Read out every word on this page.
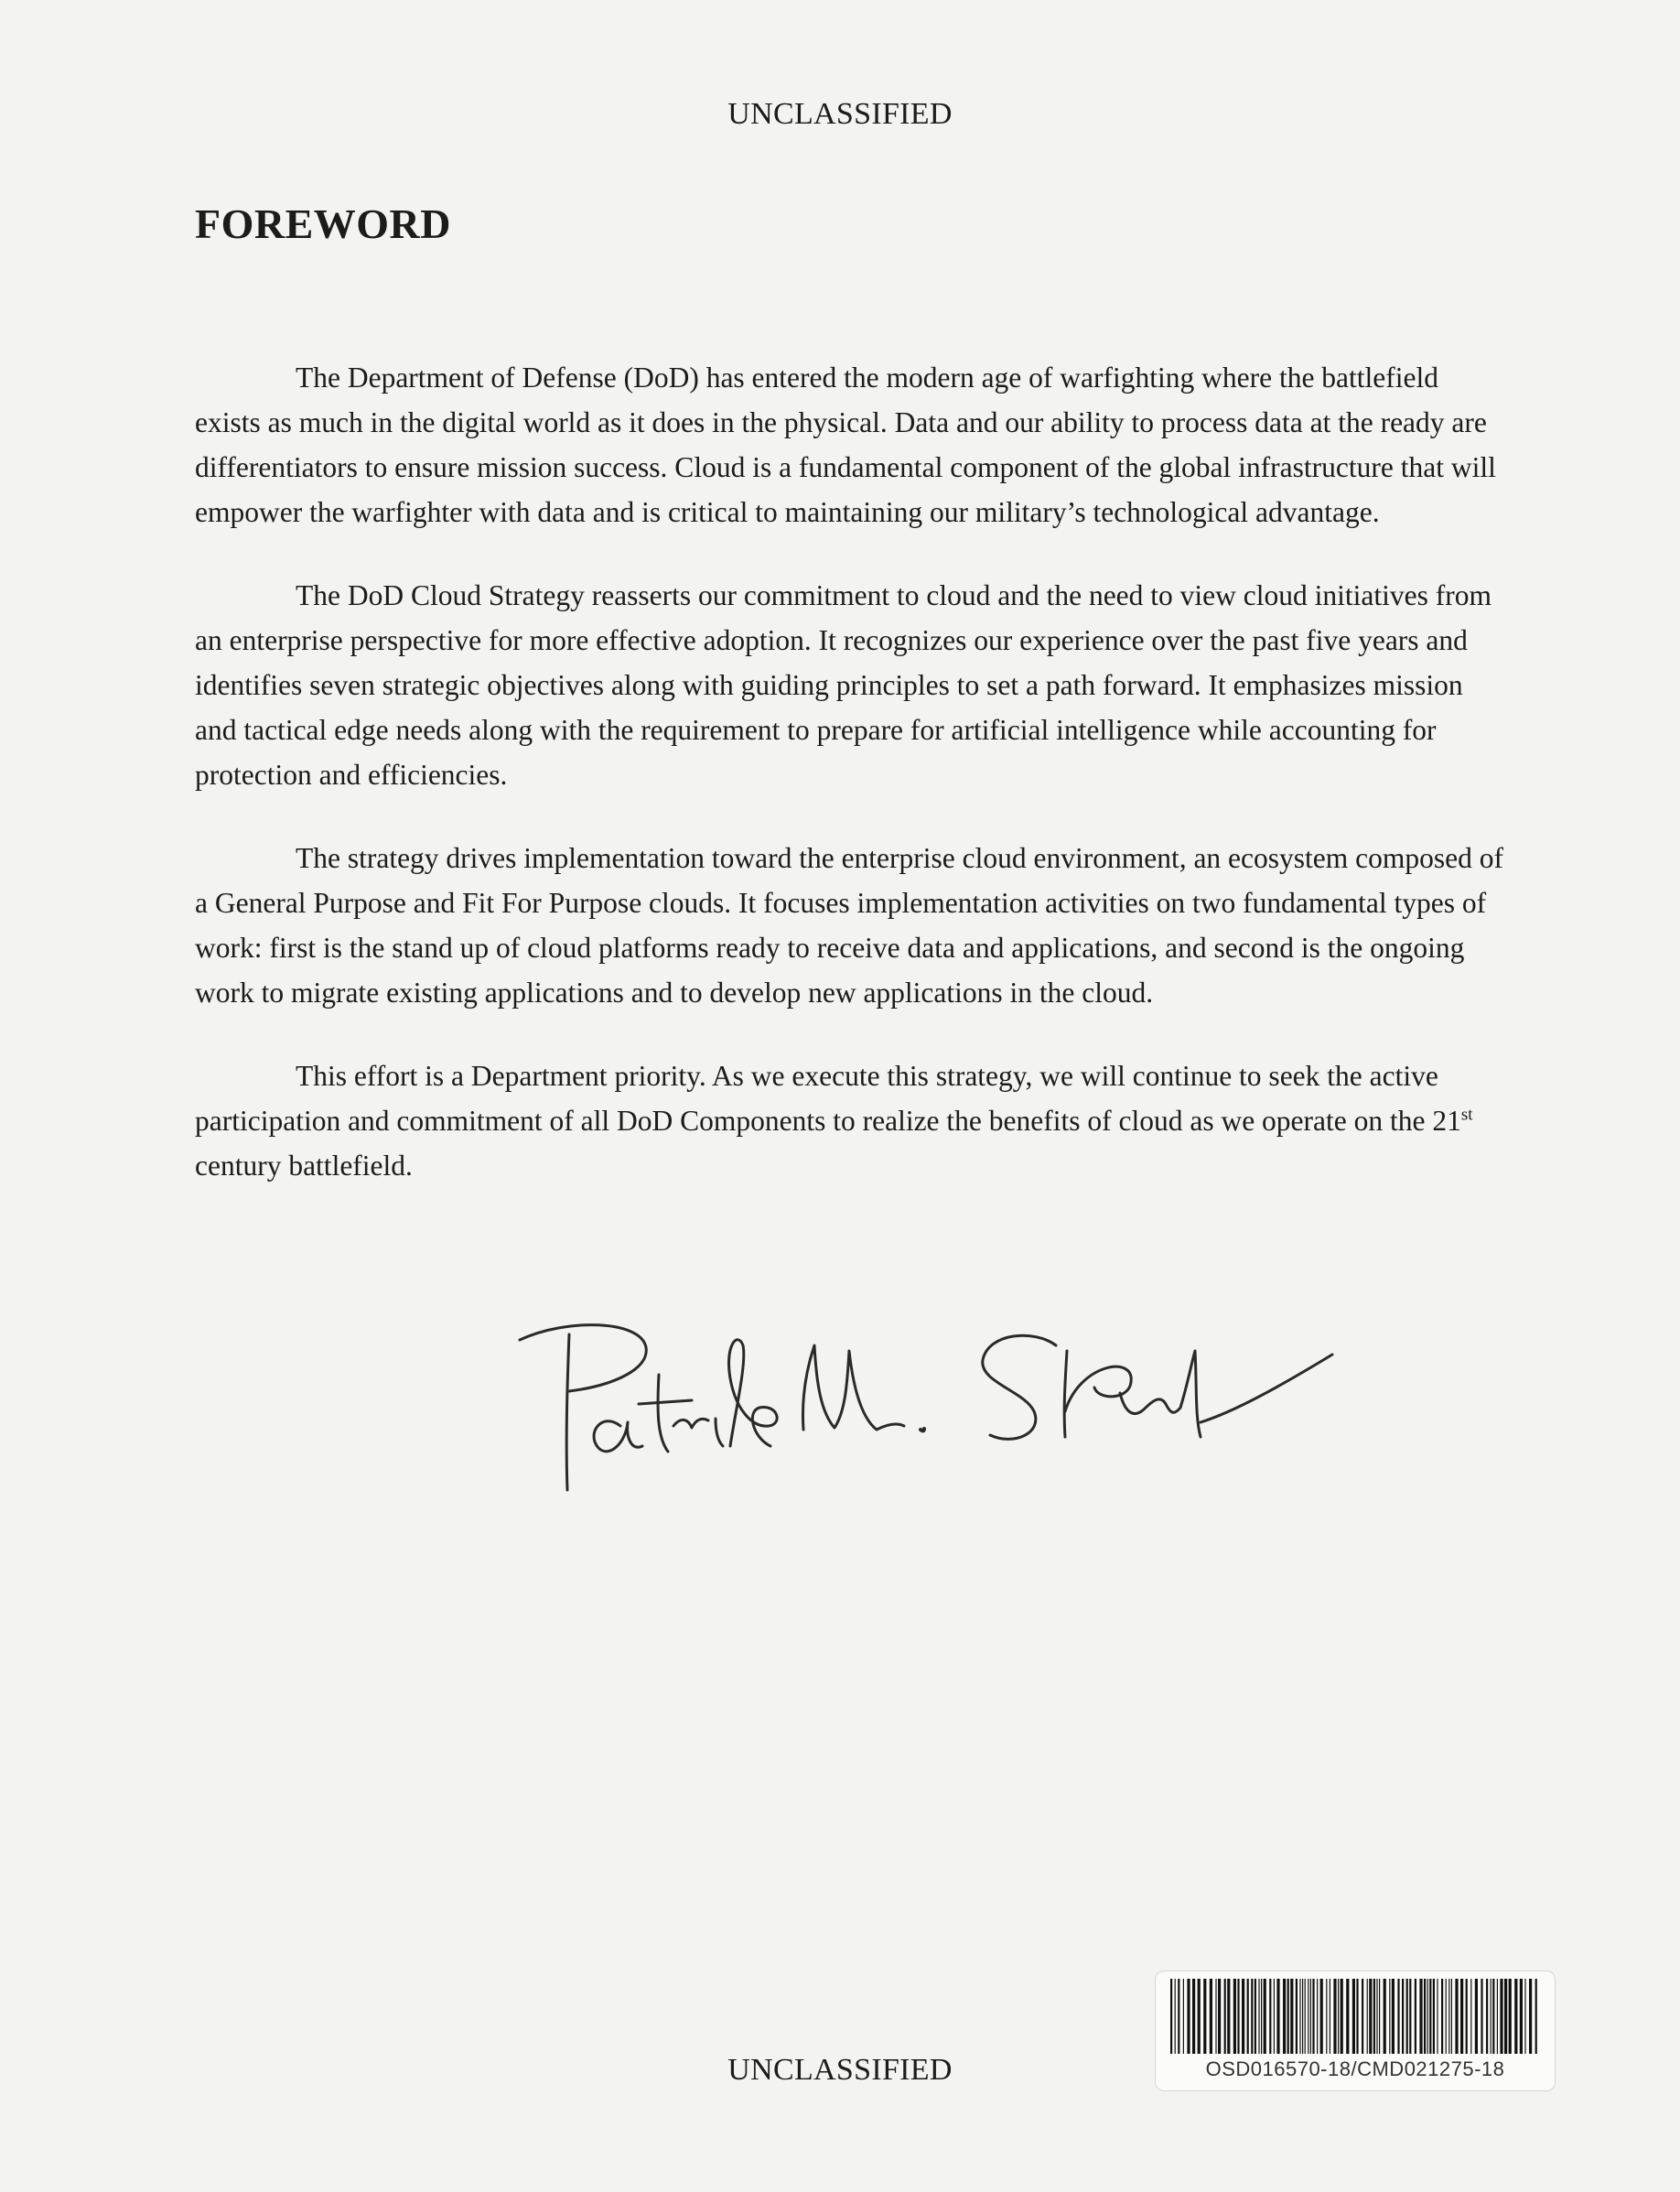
UNCLASSIFIED
FOREWORD

The Department of Defense (DoD) has entered the modern age of warfighting where the battlefield exists as much in the digital world as it does in the physical. Data and our ability to process data at the ready are differentiators to ensure mission success. Cloud is a fundamental component of the global infrastructure that will empower the warfighter with data and is critical to maintaining our military’s technological advantage.

The DoD Cloud Strategy reasserts our commitment to cloud and the need to view cloud initiatives from an enterprise perspective for more effective adoption. It recognizes our experience over the past five years and identifies seven strategic objectives along with guiding principles to set a path forward. It emphasizes mission and tactical edge needs along with the requirement to prepare for artificial intelligence while accounting for protection and efficiencies.

The strategy drives implementation toward the enterprise cloud environment, an ecosystem composed of a General Purpose and Fit For Purpose clouds. It focuses implementation activities on two fundamental types of work: first is the stand up of cloud platforms ready to receive data and applications, and second is the ongoing work to migrate existing applications and to develop new applications in the cloud.

This effort is a Department priority. As we execute this strategy, we will continue to seek the active participation and commitment of all DoD Components to realize the benefits of cloud as we operate on the 21st century battlefield.

UNCLASSIFIED	OSD016570-18/CMD021275-18
